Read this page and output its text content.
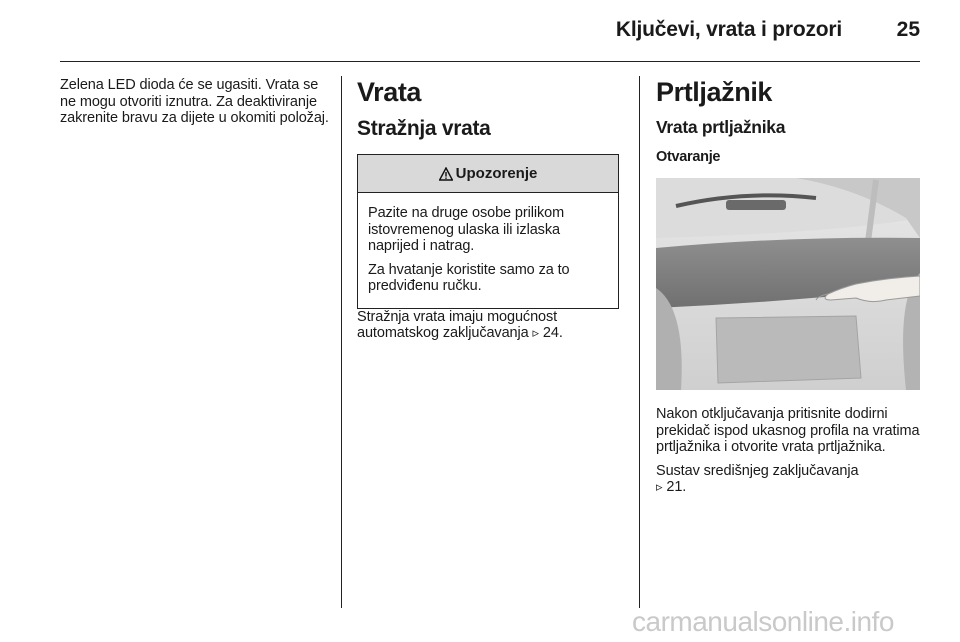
Ključevi, vrata i prozori	25

Zelena LED dioda će se ugasiti. Vrata se ne mogu otvoriti iznutra. Za deaktiviranje zakrenite bravu za dijete u okomiti položaj.

Vrata
Stražnja vrata
Upozorenje

Pazite na druge osobe prilikom istovremenog ulaska ili izlaska naprijed i natrag.

Za hvatanje koristite samo za to predviđenu ručku.

Stražnja vrata imaju mogućnost automatskog zaključavanja ▹ 24.

Prtljažnik
Vrata prtljažnika
Otvaranje

Nakon otključavanja pritisnite dodirni prekidač ispod ukasnog profila na vratima prtljažnika i otvorite vrata prtljažnika.

Sustav središnjeg zaključavanja
▹ 21.

carmanualsonline.info
